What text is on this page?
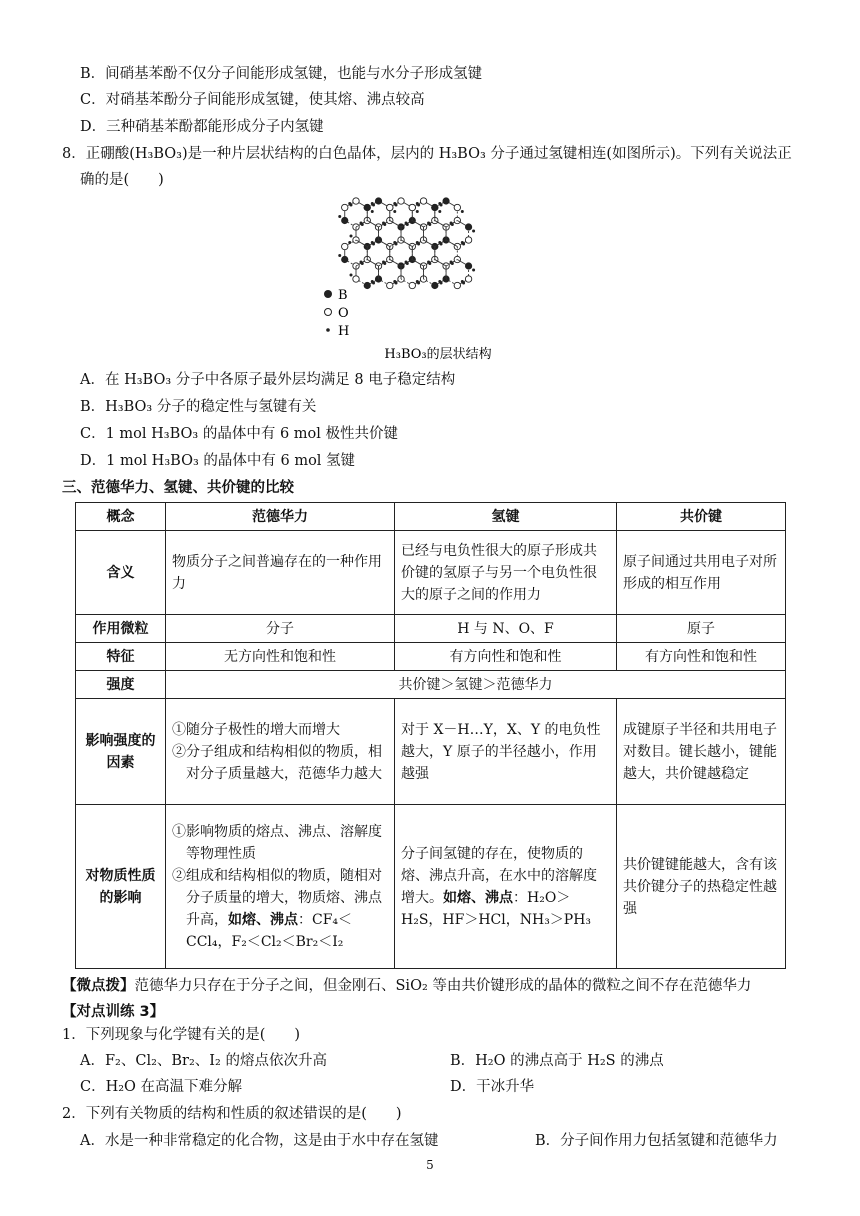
B．间硝基苯酚不仅分子间能形成氢键，也能与水分子形成氢键
C．对硝基苯酚分子间能形成氢键，使其熔、沸点较高
D．三种硝基苯酚都能形成分子内氢键
8．正硼酸(H₃BO₃)是一种片层状结构的白色晶体，层内的 H₃BO₃ 分子通过氢键相连(如图所示)。下列有关说法正
确的是(　　)
B
O
H
H₃BO₃的层状结构
A．在 H₃BO₃ 分子中各原子最外层均满足 8 电子稳定结构
B．H₃BO₃ 分子的稳定性与氢键有关
C．1 mol H₃BO₃ 的晶体中有 6 mol 极性共价键
D．1 mol H₃BO₃ 的晶体中有 6 mol 氢键
三、范德华力、氢键、共价键的比较
概念	范德华力	氢键	共价键
含义	物质分子之间普遍存在的一种作用力	已经与电负性很大的原子形成共价键的氢原子与另一个电负性很大的原子之间的作用力	原子间通过共用电子对所形成的相互作用
作用微粒	分子	H 与 N、O、F	原子
特征	无方向性和饱和性	有方向性和饱和性	有方向性和饱和性
强度	共价键＞氢键＞范德华力		
影响强度的因素	①随分子极性的增大而增大
②分子组成和结构相似的物质，相对分子质量越大，范德华力越大	对于 X－H…Y，X、Y 的电负性越大，Y 原子的半径越小，作用越强	成键原子半径和共用电子对数目。键长越小，键能越大，共价键越稳定
对物质性质的影响	①影响物质的熔点、沸点、溶解度等物理性质
②组成和结构相似的物质，随相对分子质量的增大，物质熔、沸点升高，如熔、沸点：CF₄＜CCl₄，F₂＜Cl₂＜Br₂＜I₂	分子间氢键的存在，使物质的熔、沸点升高，在水中的溶解度增大。如熔、沸点：H₂O＞H₂S，HF＞HCl，NH₃＞PH₃	共价键键能越大，含有该共价键分子的热稳定性越强
【微点拨】范德华力只存在于分子之间，但金刚石、SiO₂ 等由共价键形成的晶体的微粒之间不存在范德华力
【对点训练 3】
1．下列现象与化学键有关的是(　　)
A．F₂、Cl₂、Br₂、I₂ 的熔点依次升高	B．H₂O 的沸点高于 H₂S 的沸点
C．H₂O 在高温下难分解	D．干冰升华
2．下列有关物质的结构和性质的叙述错误的是(　　)
A．水是一种非常稳定的化合物，这是由于水中存在氢键	B．分子间作用力包括氢键和范德华力
5
